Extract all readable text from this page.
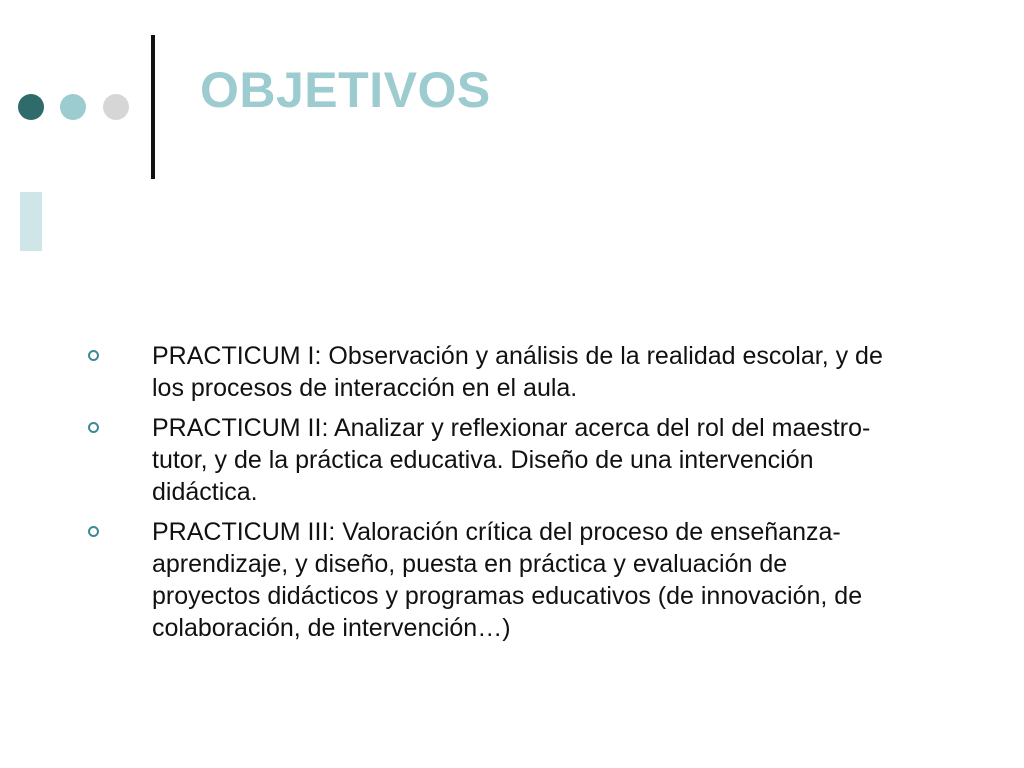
OBJETIVOS
PRACTICUM I: Observación y análisis de la realidad escolar, y de los procesos de interacción en el aula.
PRACTICUM II: Analizar y reflexionar acerca del rol del maestro-tutor, y de la práctica educativa. Diseño de una intervención didáctica.
PRACTICUM III: Valoración crítica del proceso de enseñanza-aprendizaje, y diseño, puesta en práctica y evaluación de proyectos didácticos y programas educativos (de innovación, de colaboración, de intervención…)
